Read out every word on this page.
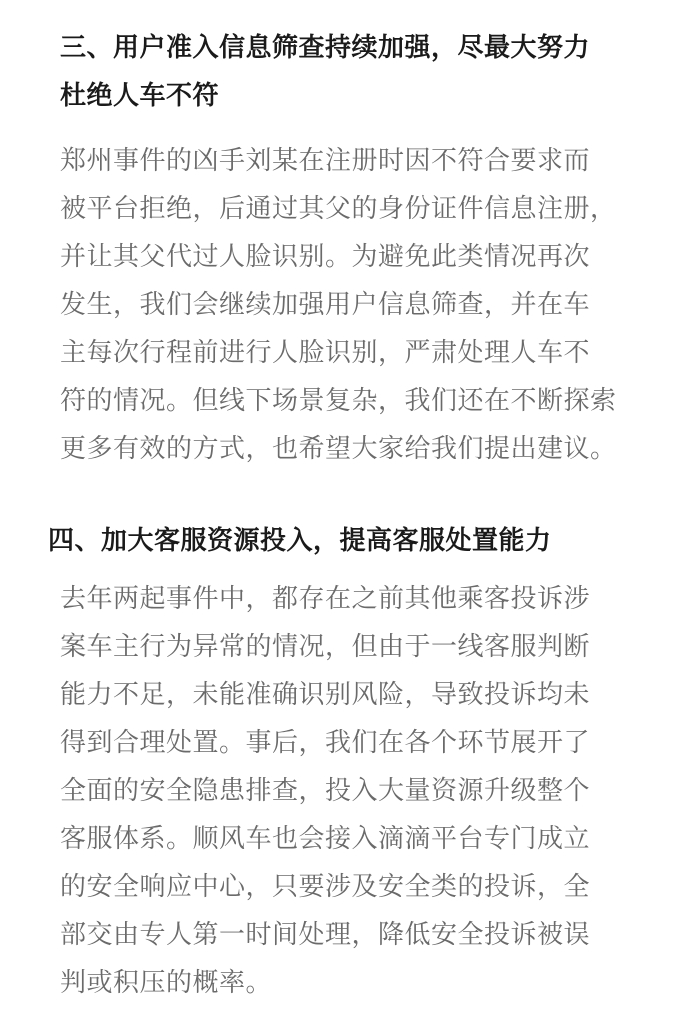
三、用户准入信息筛查持续加强，尽最大努力
杜绝人车不符

郑州事件的凶手刘某在注册时因不符合要求而
被平台拒绝，后通过其父的身份证件信息注册，
并让其父代过人脸识别。为避免此类情况再次
发生，我们会继续加强用户信息筛查，并在车
主每次行程前进行人脸识别，严肃处理人车不
符的情况。但线下场景复杂，我们还在不断探索
更多有效的方式，也希望大家给我们提出建议。

四、加大客服资源投入，提高客服处置能力

去年两起事件中，都存在之前其他乘客投诉涉
案车主行为异常的情况，但由于一线客服判断
能力不足，未能准确识别风险，导致投诉均未
得到合理处置。事后，我们在各个环节展开了
全面的安全隐患排查，投入大量资源升级整个
客服体系。顺风车也会接入滴滴平台专门成立
的安全响应中心，只要涉及安全类的投诉，全
部交由专人第一时间处理，降低安全投诉被误
判或积压的概率。
